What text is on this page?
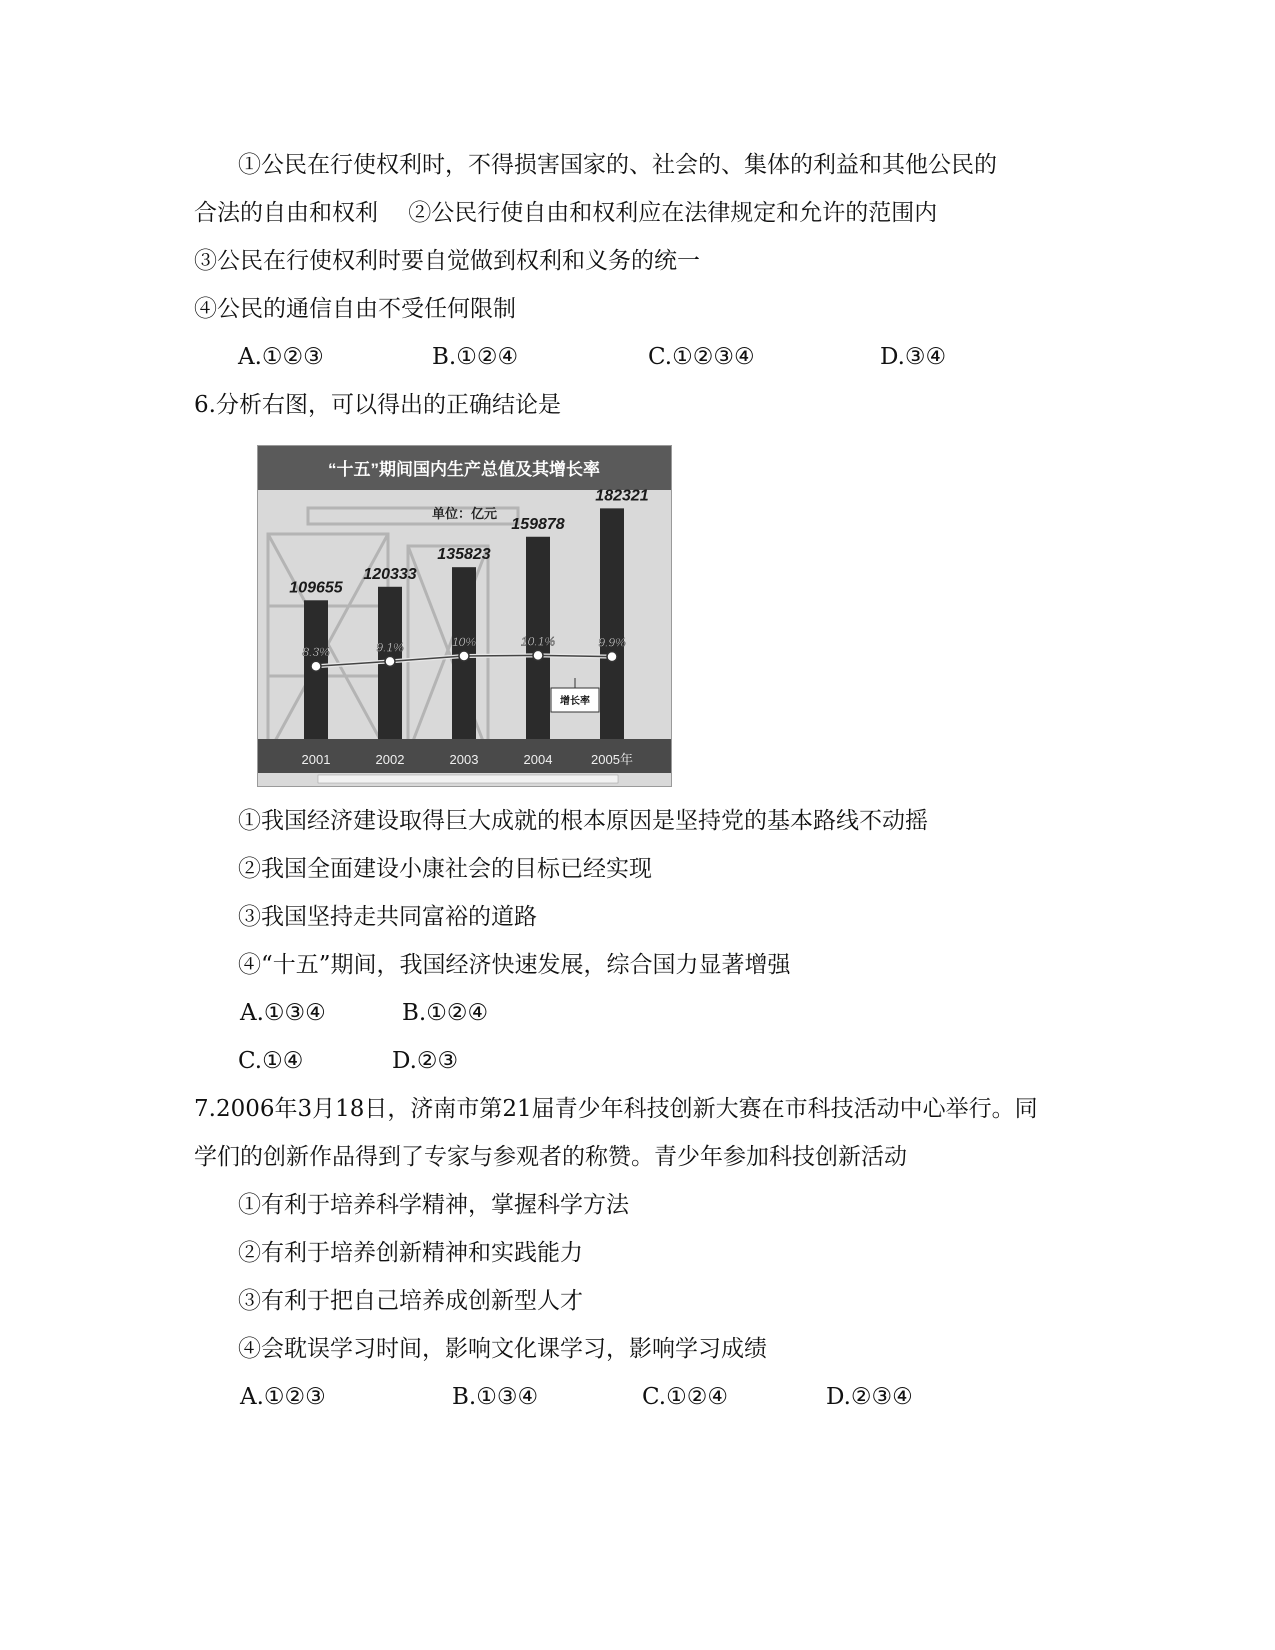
①公民在行使权利时，不得损害国家的、社会的、集体的利益和其他公民的
合法的自由和权利　 ②公民行使自由和权利应在法律规定和允许的范围内
③公民在行使权利时要自觉做到权利和义务的统一
④公民的通信自由不受任何限制
A.①②③	B.①②④	C.①②③④	D.③④
6.分析右图，可以得出的正确结论是
“十五”期间国内生产总值及其增长率
单位：亿元
109655
120333
135823
159878
182321
8.3%	9.1%	10%	10.1%	9.9%
增长率
2001	2002	2003	2004	2005年
①我国经济建设取得巨大成就的根本原因是坚持党的基本路线不动摇
②我国全面建设小康社会的目标已经实现
③我国坚持走共同富裕的道路
④“十五”期间，我国经济快速发展，综合国力显著增强
A.①③④	B.①②④
C.①④	D.②③
7.2006年3月18日，济南市第21届青少年科技创新大赛在市科技活动中心举行。同
学们的创新作品得到了专家与参观者的称赞。青少年参加科技创新活动
①有利于培养科学精神，掌握科学方法
②有利于培养创新精神和实践能力
③有利于把自己培养成创新型人才
④会耽误学习时间，影响文化课学习，影响学习成绩
A.①②③	B.①③④	C.①②④	D.②③④
